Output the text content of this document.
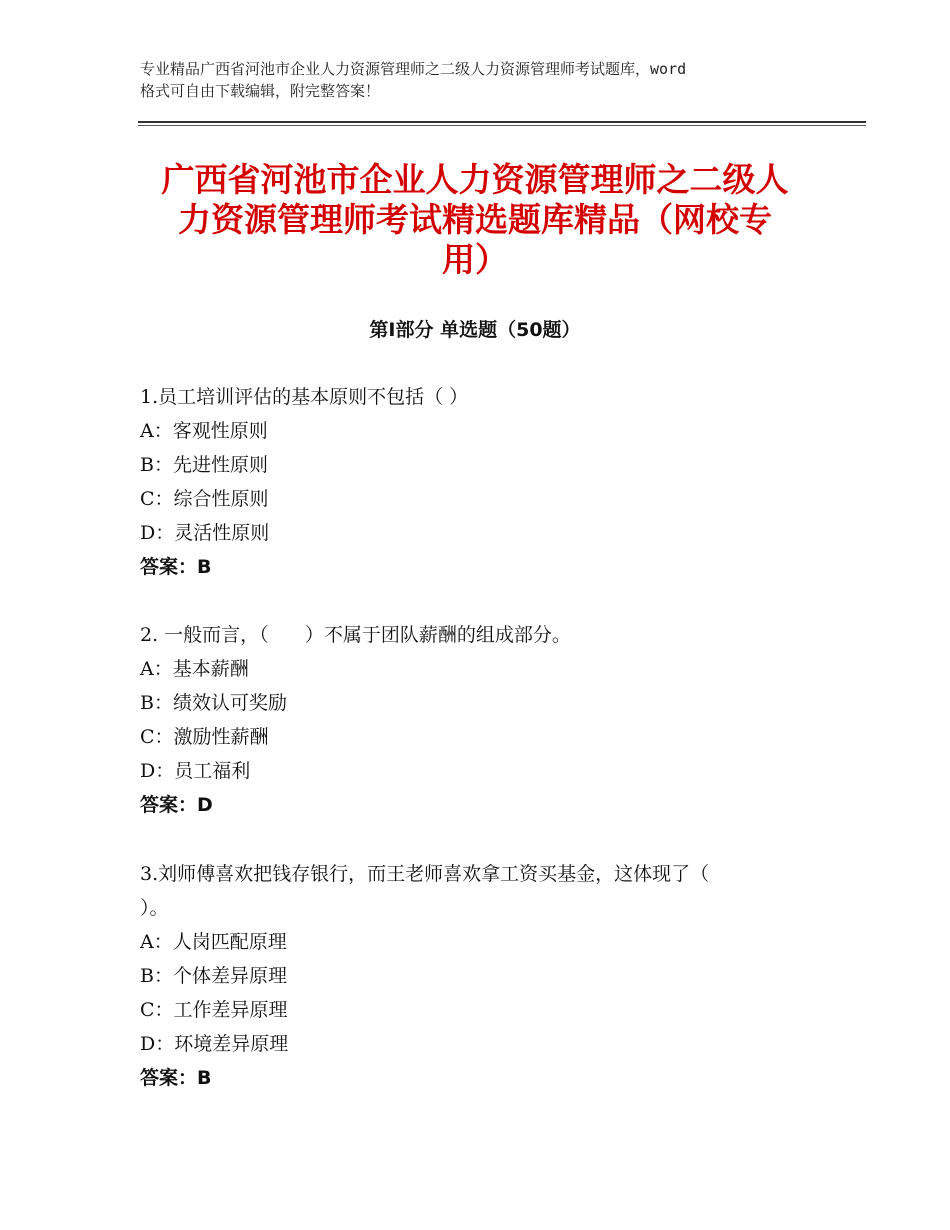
专业精品广西省河池市企业人力资源管理师之二级人力资源管理师考试题库，word
格式可自由下载编辑，附完整答案！
广西省河池市企业人力资源管理师之二级人
力资源管理师考试精选题库精品（网校专
用）
第Ⅰ部分 单选题（50题）
1.员工培训评估的基本原则不包括（ ）
A：客观性原则
B：先进性原则
C：综合性原则
D：灵活性原则
答案：B
2. 一般而言，（      ）不属于团队薪酬的组成部分。
A：基本薪酬
B：绩效认可奖励
C：激励性薪酬
D：员工福利
答案：D
3.刘师傅喜欢把钱存银行，而王老师喜欢拿工资买基金，这体现了（
）。
A：人岗匹配原理
B：个体差异原理
C：工作差异原理
D：环境差异原理
答案：B
